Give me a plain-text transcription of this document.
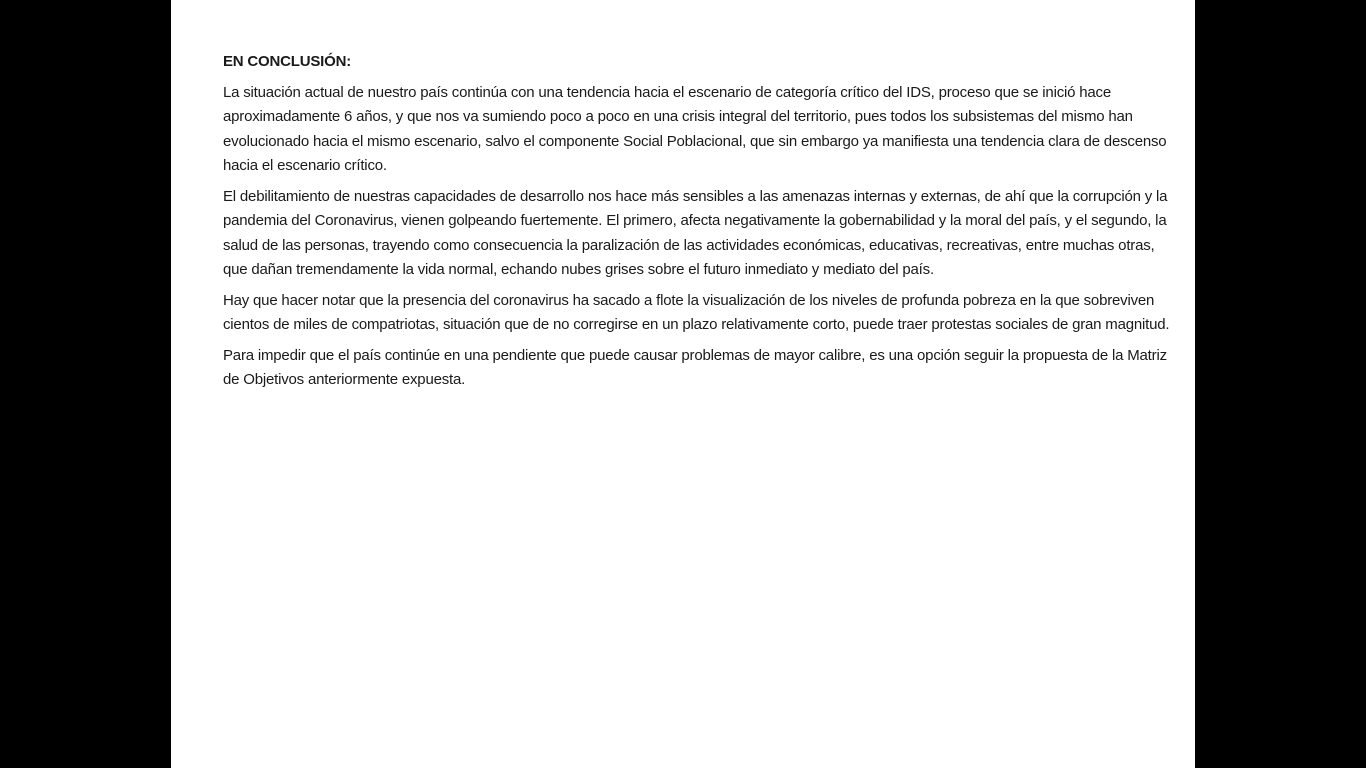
EN CONCLUSIÓN:

La situación actual de nuestro país continúa con una tendencia hacia el escenario de categoría crítico del IDS, proceso que se inició hace aproximadamente 6 años, y que nos va sumiendo poco a poco en una crisis integral del territorio, pues todos los subsistemas del mismo han evolucionado hacia el mismo escenario, salvo el componente Social Poblacional, que sin embargo ya manifiesta una tendencia clara de descenso hacia el escenario crítico.

El debilitamiento de nuestras capacidades de desarrollo nos hace más sensibles a las amenazas internas y externas, de ahí que la corrupción y la pandemia del Coronavirus, vienen golpeando fuertemente. El primero, afecta negativamente la gobernabilidad y la moral del país, y el segundo, la salud de las personas, trayendo como consecuencia la paralización de las actividades económicas, educativas, recreativas, entre muchas otras, que dañan tremendamente la vida normal, echando nubes grises sobre el futuro inmediato y mediato del país.

Hay que hacer notar que la presencia del coronavirus ha sacado a flote la visualización de los niveles de profunda pobreza en la que sobreviven cientos de miles de compatriotas, situación que de no corregirse en un plazo relativamente corto, puede traer protestas sociales de gran magnitud.

Para impedir que el país continúe en una pendiente que puede causar problemas de mayor calibre, es una opción seguir la propuesta de la Matriz de Objetivos anteriormente expuesta.
